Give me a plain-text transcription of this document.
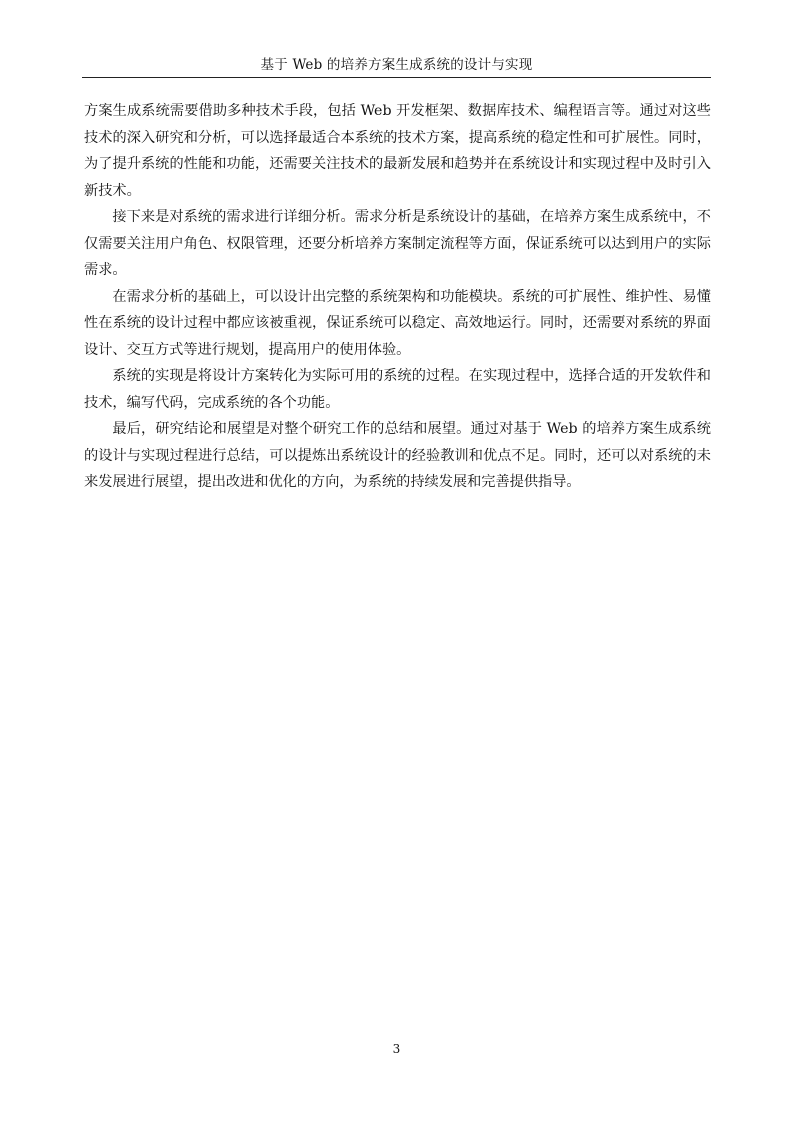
基于 Web 的培养方案生成系统的设计与实现

方案生成系统需要借助多种技术手段，包括 Web 开发框架、数据库技术、编程语言等。通过对这些技术的深入研究和分析，可以选择最适合本系统的技术方案，提高系统的稳定性和可扩展性。同时，为了提升系统的性能和功能，还需要关注技术的最新发展和趋势并在系统设计和实现过程中及时引入新技术。

接下来是对系统的需求进行详细分析。需求分析是系统设计的基础，在培养方案生成系统中，不仅需要关注用户角色、权限管理，还要分析培养方案制定流程等方面，保证系统可以达到用户的实际需求。

在需求分析的基础上，可以设计出完整的系统架构和功能模块。系统的可扩展性、维护性、易懂性在系统的设计过程中都应该被重视，保证系统可以稳定、高效地运行。同时，还需要对系统的界面设计、交互方式等进行规划，提高用户的使用体验。

系统的实现是将设计方案转化为实际可用的系统的过程。在实现过程中，选择合适的开发软件和技术，编写代码，完成系统的各个功能。

最后，研究结论和展望是对整个研究工作的总结和展望。通过对基于 Web 的培养方案生成系统的设计与实现过程进行总结，可以提炼出系统设计的经验教训和优点不足。同时，还可以对系统的未来发展进行展望，提出改进和优化的方向，为系统的持续发展和完善提供指导。

3
